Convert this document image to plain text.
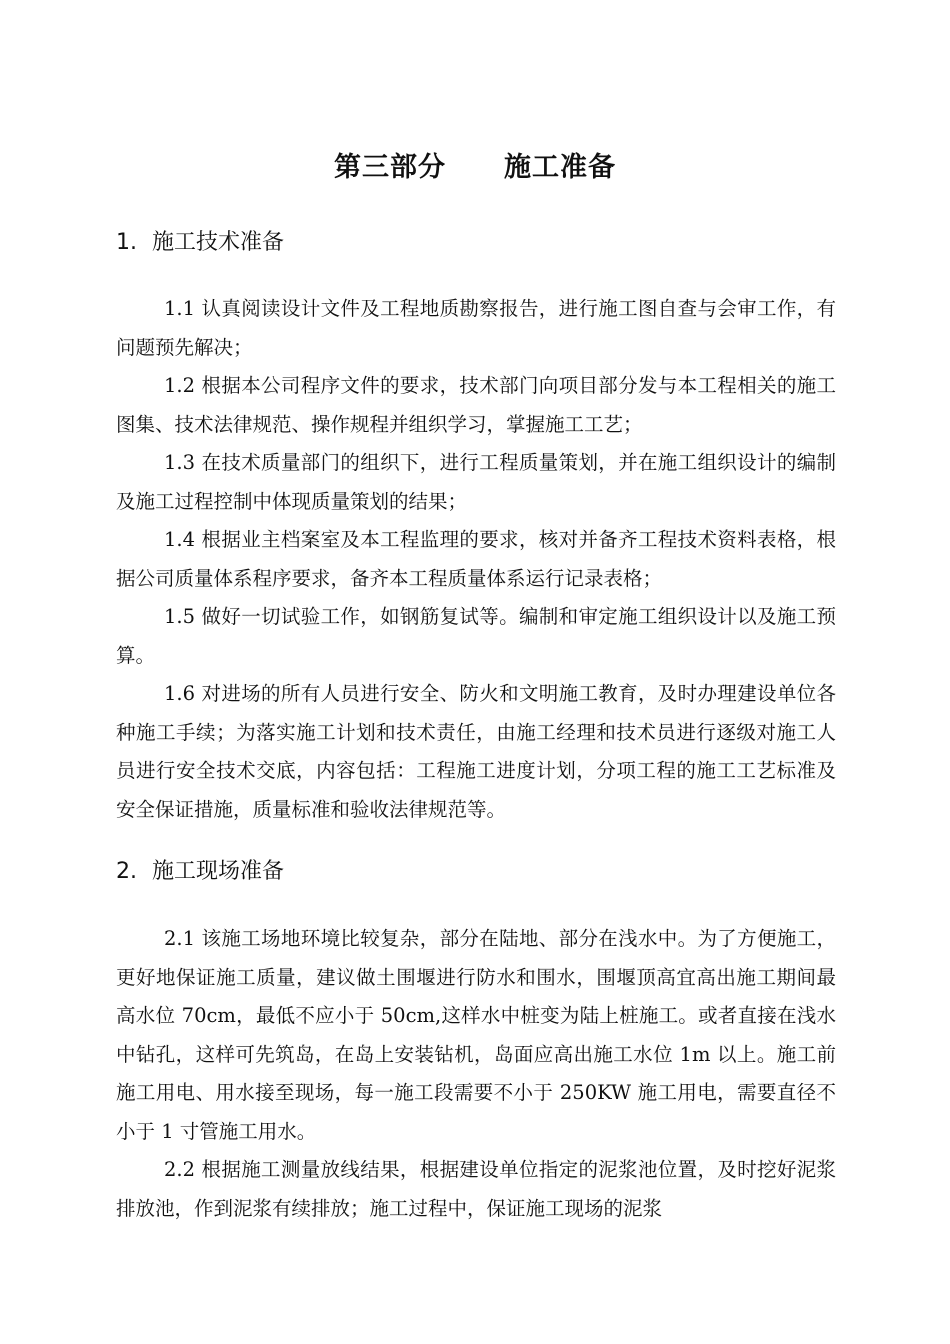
第三部分 施工准备
1. 施工技术准备

1.1 认真阅读设计文件及工程地质勘察报告，进行施工图自查与会审工作，有问题预先解决；

1.2 根据本公司程序文件的要求，技术部门向项目部分发与本工程相关的施工图集、技术法律规范、操作规程并组织学习，掌握施工工艺；

1.3 在技术质量部门的组织下，进行工程质量策划，并在施工组织设计的编制及施工过程控制中体现质量策划的结果；

1.4 根据业主档案室及本工程监理的要求，核对并备齐工程技术资料表格，根据公司质量体系程序要求，备齐本工程质量体系运行记录表格；

1.5 做好一切试验工作，如钢筋复试等。编制和审定施工组织设计以及施工预算。

1.6 对进场的所有人员进行安全、防火和文明施工教育，及时办理建设单位各种施工手续；为落实施工计划和技术责任，由施工经理和技术员进行逐级对施工人员进行安全技术交底，内容包括：工程施工进度计划，分项工程的施工工艺标准及安全保证措施，质量标准和验收法律规范等。

2. 施工现场准备

2.1 该施工场地环境比较复杂，部分在陆地、部分在浅水中。为了方便施工，更好地保证施工质量，建议做土围堰进行防水和围水，围堰顶高宜高出施工期间最高水位 70cm，最低不应小于 50cm,这样水中桩变为陆上桩施工。或者直接在浅水中钻孔，这样可先筑岛，在岛上安装钻机，岛面应高出施工水位 1m 以上。施工前施工用电、用水接至现场，每一施工段需要不小于 250KW 施工用电，需要直径不小于 1 寸管施工用水。

2.2 根据施工测量放线结果，根据建设单位指定的泥浆池位置，及时挖好泥浆排放池，作到泥浆有续排放；施工过程中，保证施工现场的泥浆
